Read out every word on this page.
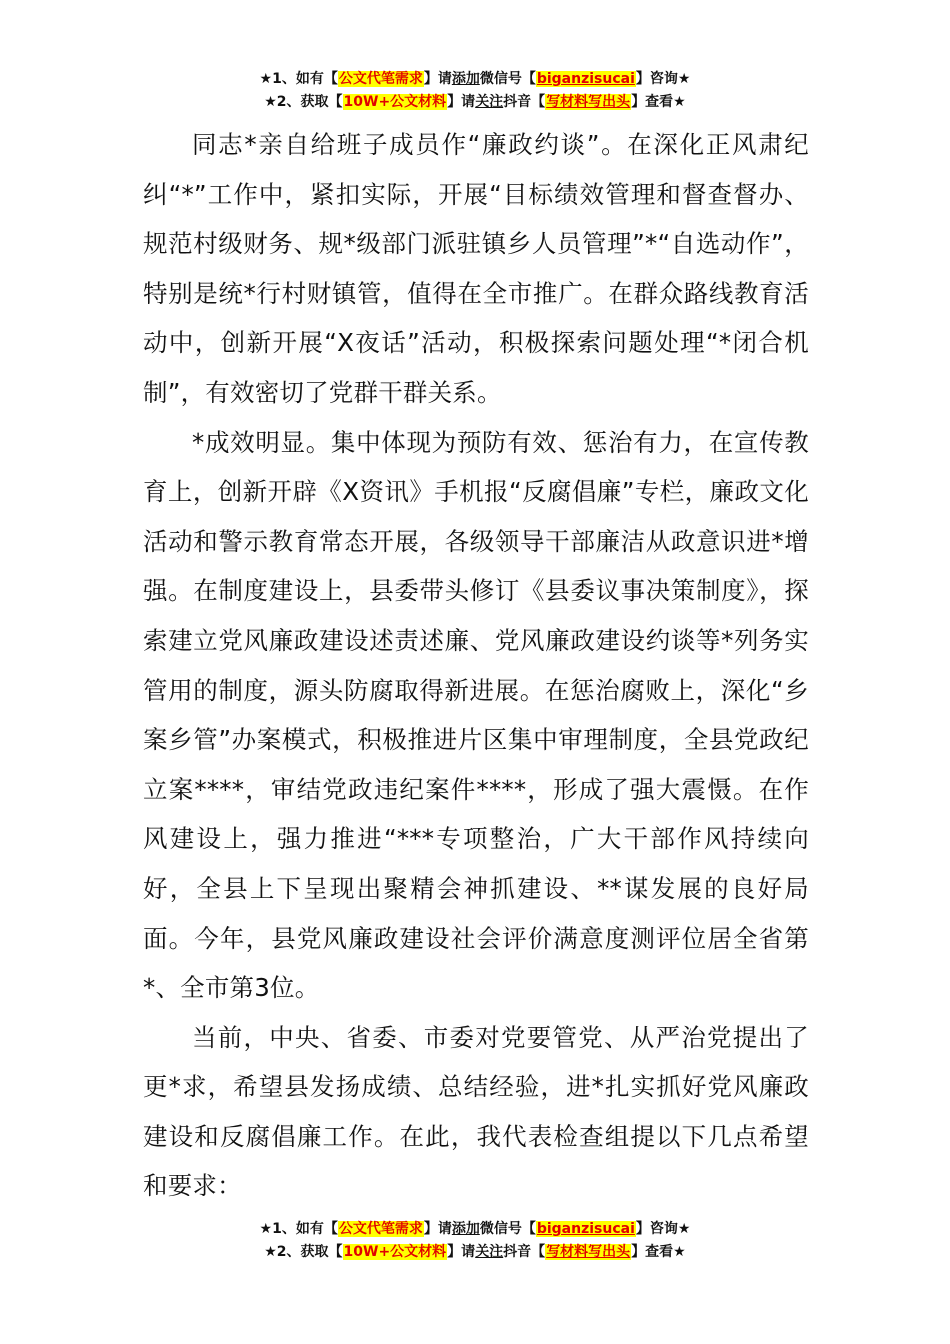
★1、如有【公文代笔需求】请添加微信号【biganzisucai】咨询★
★2、获取【10W+公文材料】请关注抖音【写材料写出头】查看★

同志*亲自给班子成员作“廉政约谈”。在深化正风肃纪纠“*”工作中，紧扣实际，开展“目标绩效管理和督查督办、规范村级财务、规*级部门派驻镇乡人员管理”*“自选动作”，特别是统*行村财镇管，值得在全市推广。在群众路线教育活动中，创新开展“X夜话”活动，积极探索问题处理“*闭合机制”，有效密切了党群干群关系。

*成效明显。集中体现为预防有效、惩治有力，在宣传教育上，创新开辟《X资讯》手机报“反腐倡廉”专栏，廉政文化活动和警示教育常态开展，各级领导干部廉洁从政意识进*增强。在制度建设上，县委带头修订《县委议事决策制度》，探索建立党风廉政建设述责述廉、党风廉政建设约谈等*列务实管用的制度，源头防腐取得新进展。在惩治腐败上，深化“乡案乡管”办案模式，积极推进片区集中审理制度，全县党政纪立案****，审结党政违纪案件****，形成了强大震慑。在作风建设上，强力推进“***专项整治，广大干部作风持续向好，全县上下呈现出聚精会神抓建设、**谋发展的良好局面。今年，县党风廉政建设社会评价满意度测评位居全省第*、全市第3位。

当前，中央、省委、市委对党要管党、从严治党提出了更*求，希望县发扬成绩、总结经验，进*扎实抓好党风廉政建设和反腐倡廉工作。在此，我代表检查组提以下几点希望和要求：

★1、如有【公文代笔需求】请添加微信号【biganzisucai】咨询★
★2、获取【10W+公文材料】请关注抖音【写材料写出头】查看★
